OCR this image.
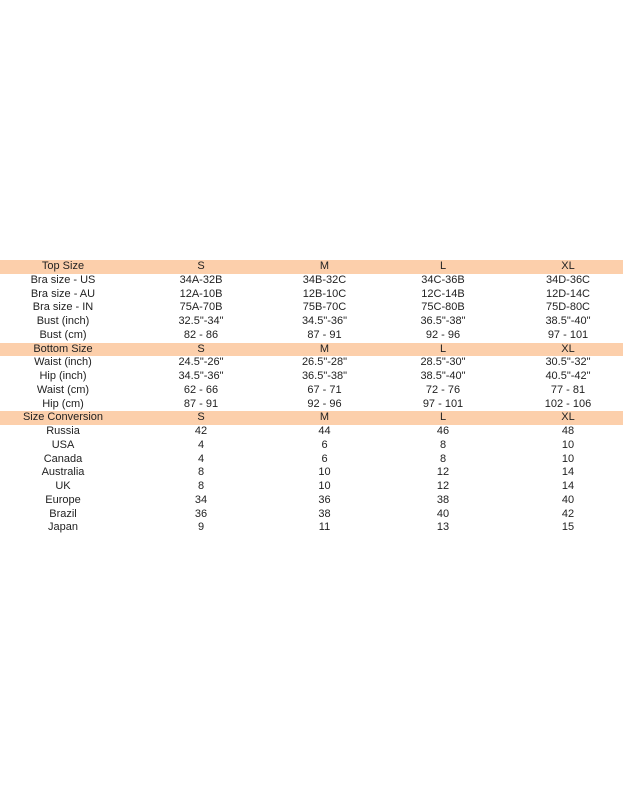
Top Size	S	M	L	XL
Bra size - US	34A-32B	34B-32C	34C-36B	34D-36C
Bra size - AU	12A-10B	12B-10C	12C-14B	12D-14C
Bra size - IN	75A-70B	75B-70C	75C-80B	75D-80C
Bust (inch)	32.5"-34"	34.5"-36"	36.5"-38"	38.5"-40"
Bust (cm)	82 - 86	87 - 91	92 - 96	97 - 101
Bottom Size	S	M	L	XL
Waist (inch)	24.5"-26"	26.5"-28"	28.5"-30"	30.5"-32"
Hip (inch)	34.5"-36"	36.5"-38"	38.5"-40"	40.5"-42"
Waist (cm)	62 - 66	67 - 71	72 - 76	77 - 81
Hip (cm)	87 - 91	92 - 96	97 - 101	102 - 106
Size Conversion	S	M	L	XL
Russia	42	44	46	48
USA	4	6	8	10
Canada	4	6	8	10
Australia	8	10	12	14
UK	8	10	12	14
Europe	34	36	38	40
Brazil	36	38	40	42
Japan	9	11	13	15
